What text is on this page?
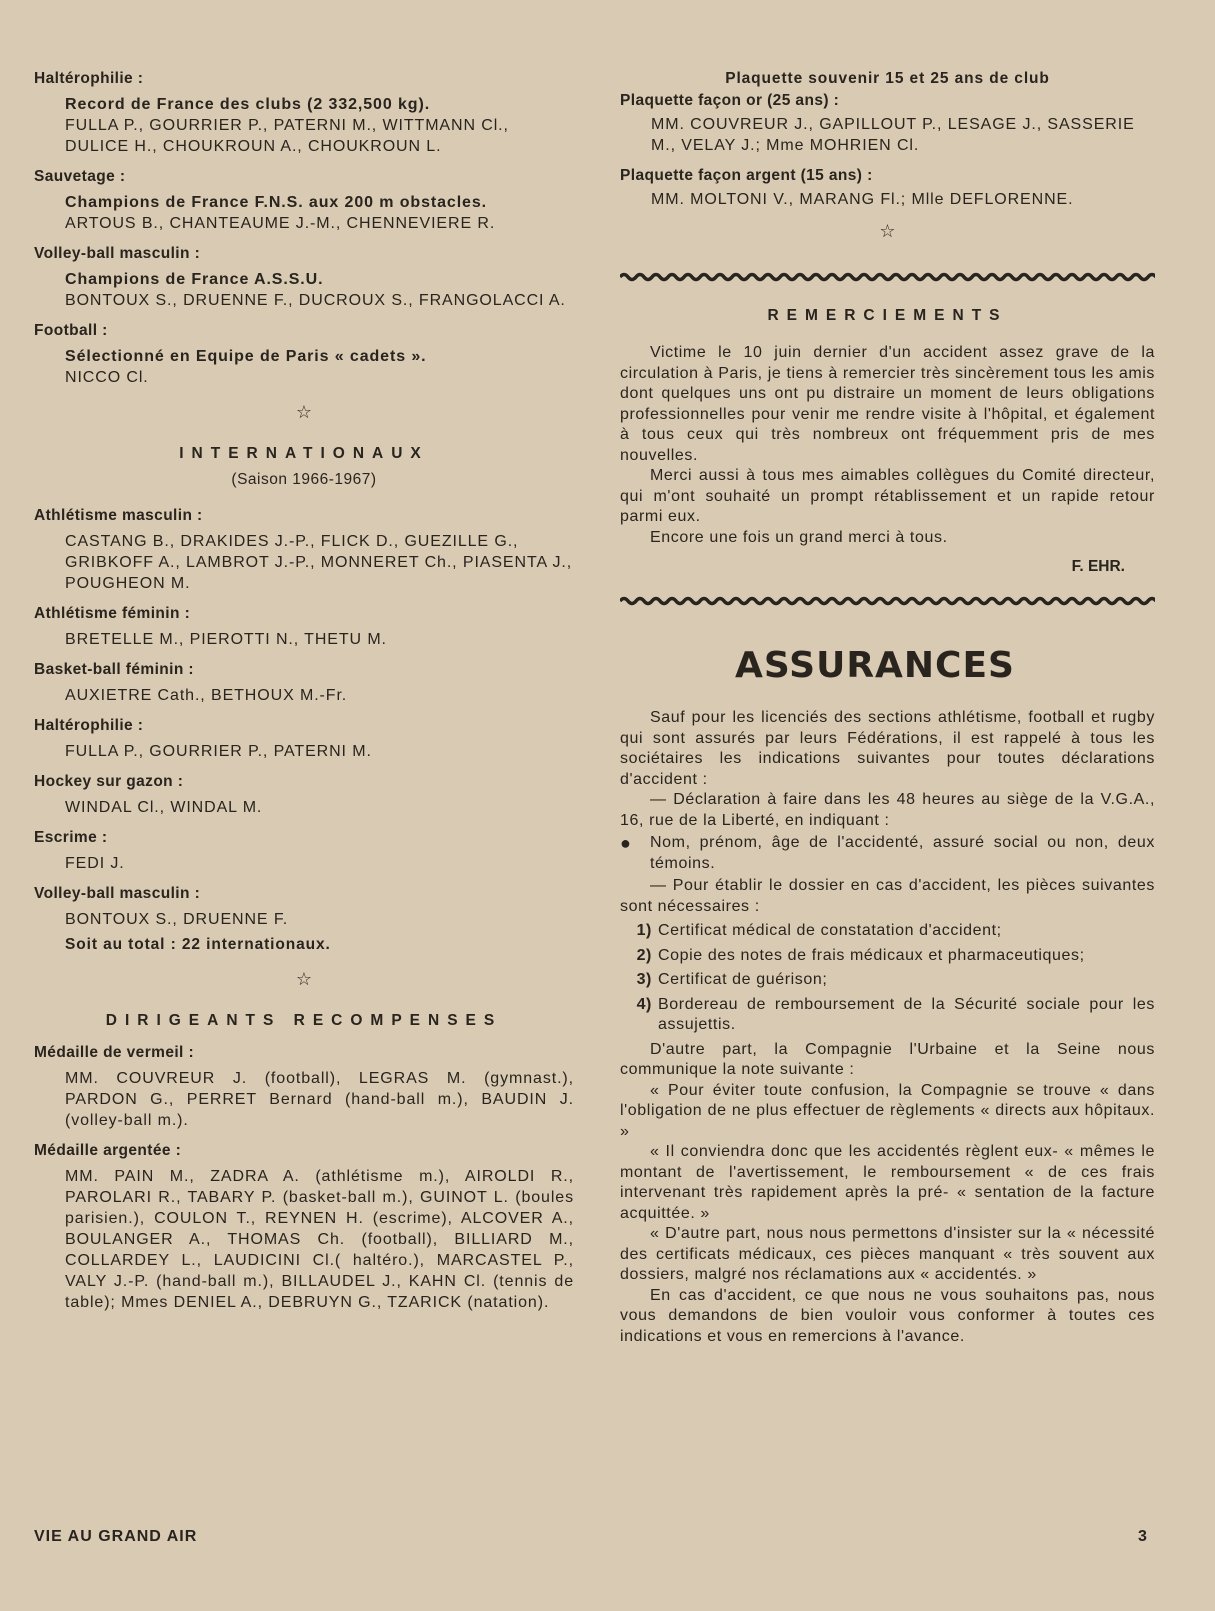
Haltérophilie :
Record de France des clubs (2 332,500 kg).
FULLA P., GOURRIER P., PATERNI M., WITTMANN Cl., DULICE H., CHOUKROUN A., CHOUKROUN L.
Sauvetage :
Champions de France F.N.S. aux 200 m obstacles.
ARTOUS B., CHANTEAUME J.-M., CHENNEVIERE R.
Volley-ball masculin :
Champions de France A.S.S.U.
BONTOUX S., DRUENNE F., DUCROUX S., FRANGOLACCI A.
Football :
Sélectionné en Equipe de Paris « cadets ».
NICCO Cl.
☆
INTERNATIONAUX
(Saison 1966-1967)
Athlétisme masculin :
CASTANG B., DRAKIDES J.-P., FLICK D., GUEZILLE G., GRIBKOFF A., LAMBROT J.-P., MONNERET Ch., PIASENTA J., POUGHEON M.
Athlétisme féminin :
BRETELLE M., PIEROTTI N., THETU M.
Basket-ball féminin :
AUXIETRE Cath., BETHOUX M.-Fr.
Haltérophilie :
FULLA P., GOURRIER P., PATERNI M.
Hockey sur gazon :
WINDAL Cl., WINDAL M.
Escrime :
FEDI J.
Volley-ball masculin :
BONTOUX S., DRUENNE F.
Soit au total : 22 internationaux.
☆
DIRIGEANTS RECOMPENSES
Médaille de vermeil :
MM. COUVREUR J. (football), LEGRAS M. (gymnast.), PARDON G., PERRET Bernard (hand-ball m.), BAUDIN J. (volley-ball m.).
Médaille argentée :
MM. PAIN M., ZADRA A. (athlétisme m.), AIROLDI R., PAROLARI R., TABARY P. (basket-ball m.), GUINOT L. (boules parisien.), COULON T., REYNEN H. (escrime), ALCOVER A., BOULANGER A., THOMAS Ch. (football), BILLIARD M., COLLARDEY L., LAUDICINI Cl.( haltéro.), MARCASTEL P., VALY J.-P. (hand-ball m.), BILLAUDEL J., KAHN Cl. (tennis de table); Mmes DENIEL A., DEBRUYN G., TZARICK (natation).
Plaquette souvenir 15 et 25 ans de club
Plaquette façon or (25 ans) :
MM. COUVREUR J., GAPILLOUT P., LESAGE J., SASSERIE M., VELAY J.; Mme MOHRIEN Cl.
Plaquette façon argent (15 ans) :
MM. MOLTONI V., MARANG Fl.; Mlle DEFLORENNE.
☆
REMERCIEMENTS

Victime le 10 juin dernier d'un accident assez grave de la circulation à Paris, je tiens à remercier très sincèrement tous les amis dont quelques uns ont pu distraire un moment de leurs obligations professionnelles pour venir me rendre visite à l'hôpital, et également à tous ceux qui très nombreux ont fréquemment pris de mes nouvelles.

Merci aussi à tous mes aimables collègues du Comité directeur, qui m'ont souhaité un prompt rétablissement et un rapide retour parmi eux.

Encore une fois un grand merci à tous.

F. EHR.
ASSURANCES

Sauf pour les licenciés des sections athlétisme, football et rugby qui sont assurés par leurs Fédérations, il est rappelé à tous les sociétaires les indications suivantes pour toutes déclarations d'accident :

— Déclaration à faire dans les 48 heures au siège de la V.G.A., 16, rue de la Liberté, en indiquant :

●	Nom, prénom, âge de l'accidenté, assuré social ou non, deux témoins.

— Pour établir le dossier en cas d'accident, les pièces suivantes sont nécessaires :

1) Certificat médical de constatation d'accident;
2) Copie des notes de frais médicaux et pharmaceutiques;
3) Certificat de guérison;
4) Bordereau de remboursement de la Sécurité sociale pour les assujettis.

D'autre part, la Compagnie l'Urbaine et la Seine nous communique la note suivante :

« Pour éviter toute confusion, la Compagnie se trouve « dans l'obligation de ne plus effectuer de règlements « directs aux hôpitaux. »

« Il conviendra donc que les accidentés règlent eux- « mêmes le montant de l'avertissement, le remboursement « de ces frais intervenant très rapidement après la pré- « sentation de la facture acquittée. »

« D'autre part, nous nous permettons d'insister sur la « nécessité des certificats médicaux, ces pièces manquant « très souvent aux dossiers, malgré nos réclamations aux « accidentés. »

En cas d'accident, ce que nous ne vous souhaitons pas, nous vous demandons de bien vouloir vous conformer à toutes ces indications et vous en remercions à l'avance.

VIE AU GRAND AIR	3
